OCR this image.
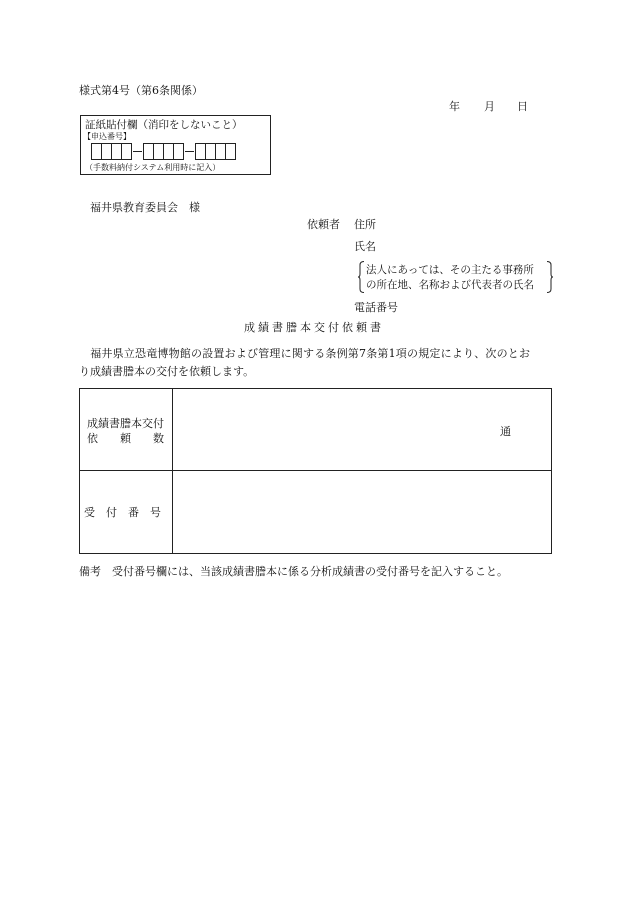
様式第4号（第6条関係）
年 月 日
証紙貼付欄（消印をしないこと）
【申込番号】
（手数料納付システム利用時に記入）
福井県教育委員会　様
依頼者 住所
氏名
法人にあっては、その主たる事務所
の所在地、名称および代表者の氏名
電話番号
成績書謄本交付依頼書
　福井県立恐竜博物館の設置および管理に関する条例第7条第1項の規定により、次のとお
り成績書謄本の交付を依頼します。
成績書謄本交付
依　　頼　　数
通
受　付　番　号
備考　受付番号欄には、当該成績書謄本に係る分析成績書の受付番号を記入すること。
